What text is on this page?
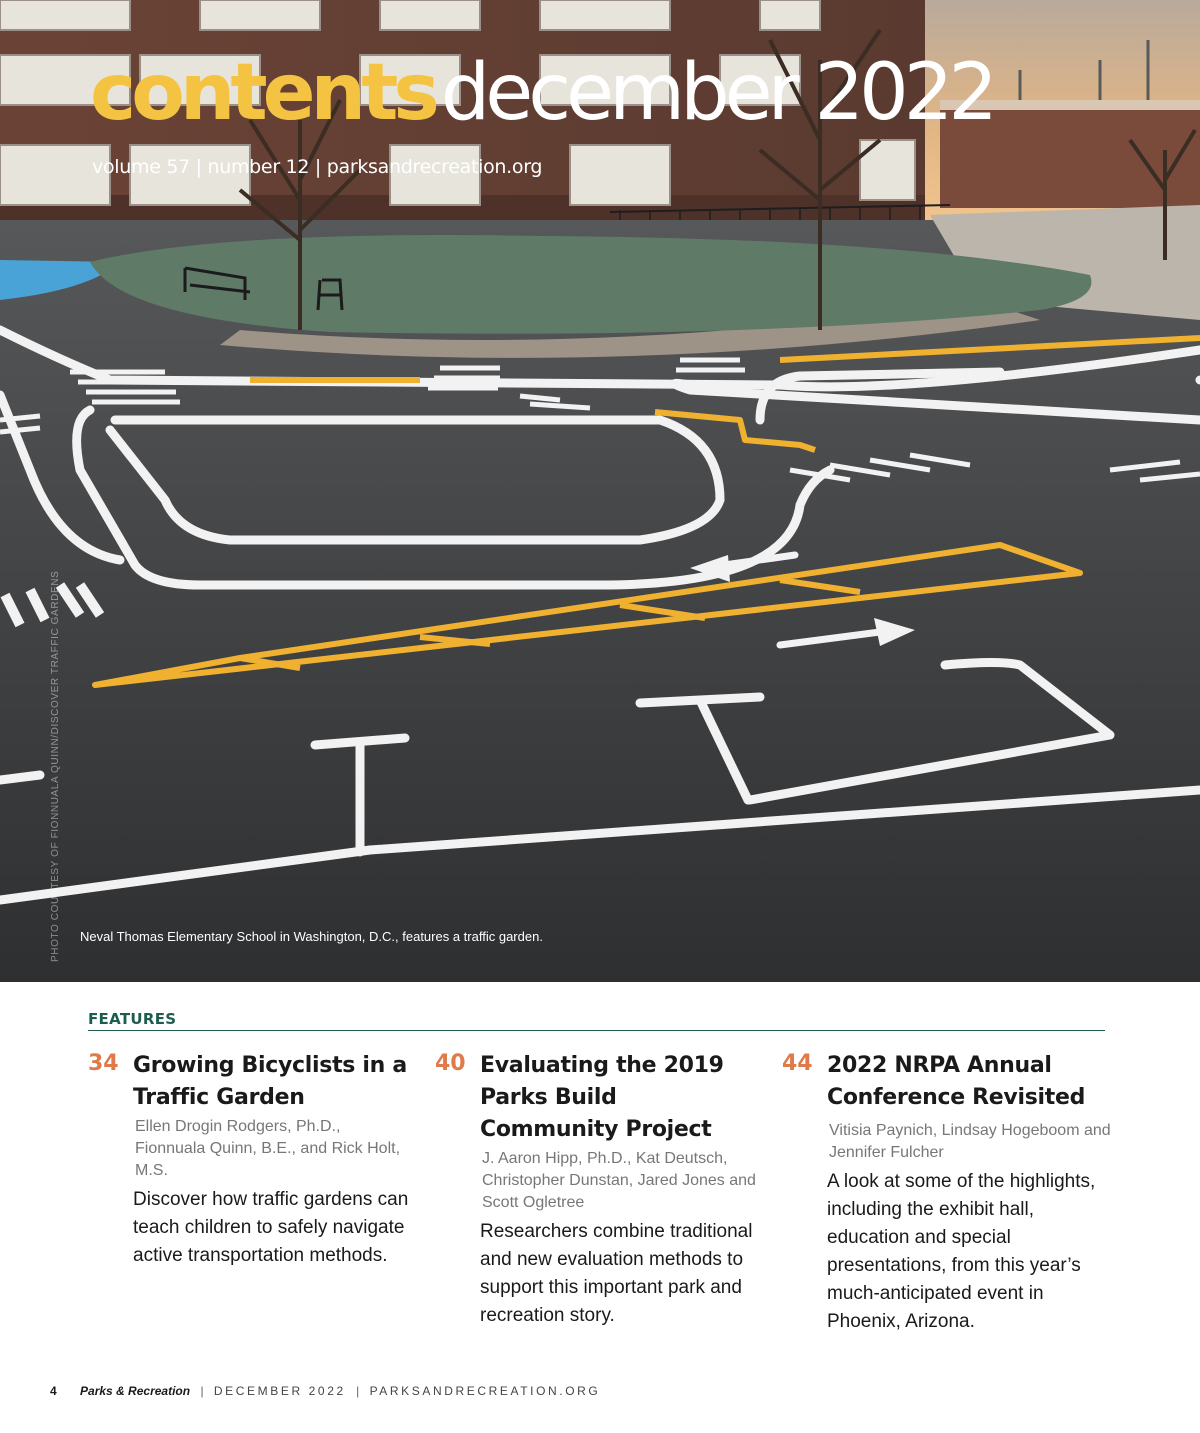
contentsdecember 2022
volume 57 | number 12 | parksandrecreation.org
PHOTO COURTESY OF FIONNUALA QUINN/DISCOVER TRAFFIC GARDENS Neval Thomas Elementary School in Washington, D.C., features a traffic garden.
FEATURES
34 Growing Bicyclists in a Traffic Garden
Ellen Drogin Rodgers, Ph.D., Fionnuala Quinn, B.E., and Rick Holt, M.S.
Discover how traffic gardens can teach children to safely navigate active transportation methods.
40 Evaluating the 2019 Parks Build Community Project
J. Aaron Hipp, Ph.D., Kat Deutsch, Christopher Dunstan, Jared Jones and Scott Ogletree
Researchers combine traditional and new evaluation methods to support this important park and recreation story.
44 2022 NRPA Annual Conference Revisited
Vitisia Paynich, Lindsay Hogeboom and Jennifer Fulcher
A look at some of the highlights, including the exhibit hall, education and special presentations, from this year’s much-anticipated event in Phoenix, Arizona.
4 Parks & Recreation | DECEMBER 2022 | PARKSANDRECREATION.ORG
